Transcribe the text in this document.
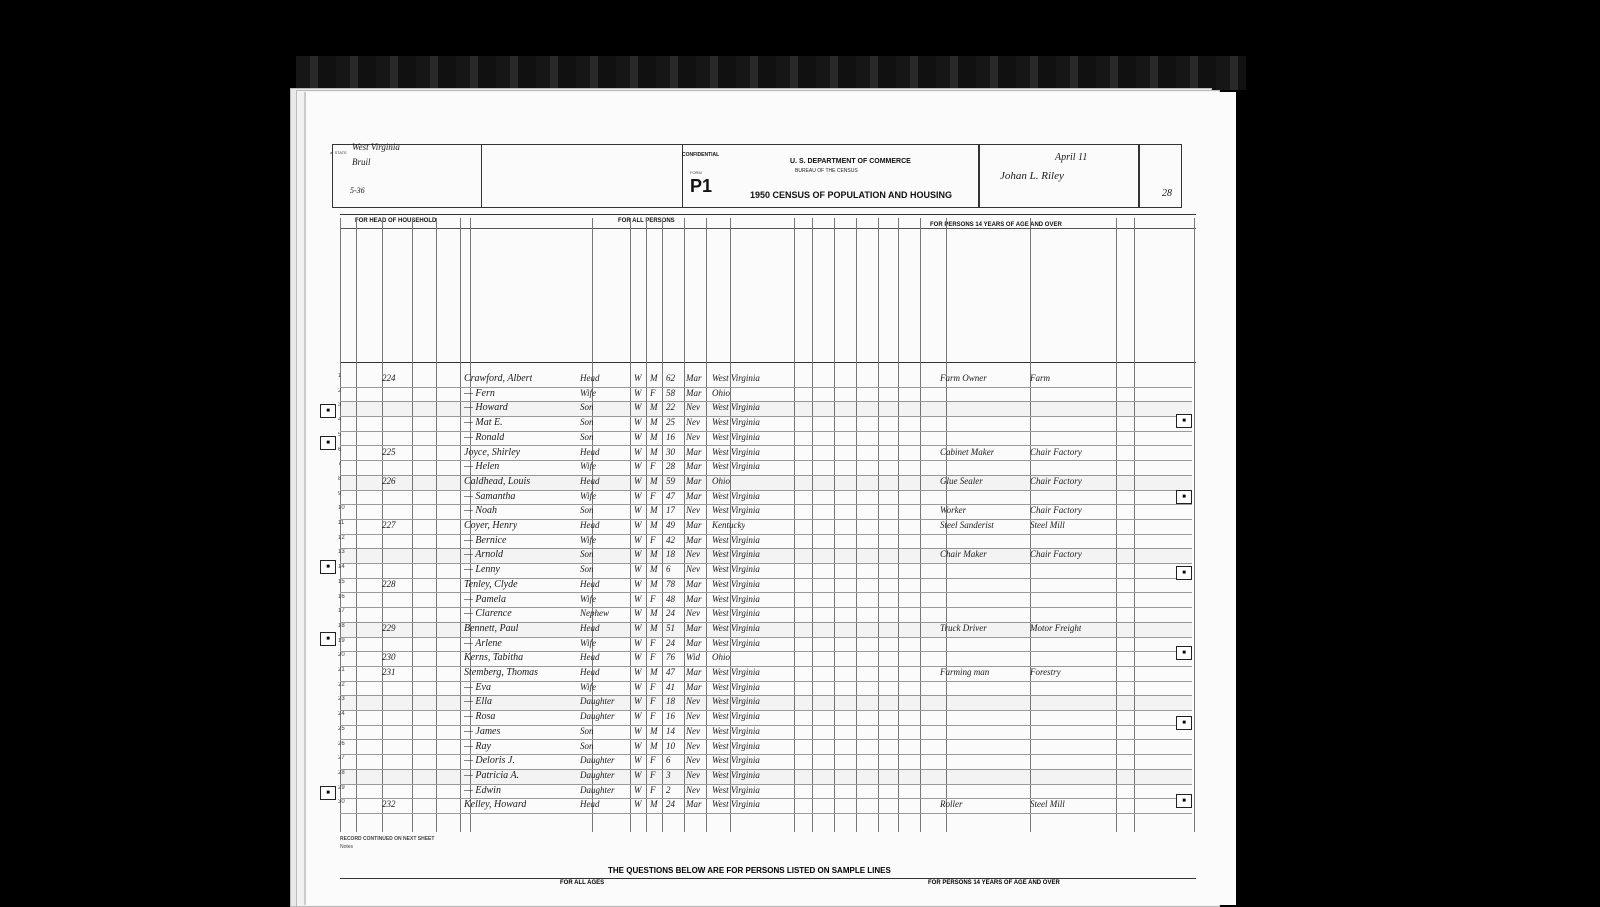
a. STATE
West Virginia
Bruil
5-36
CONFIDENTIAL
FORM
P1
U. S. DEPARTMENT OF COMMERCE
BUREAU OF THE CENSUS
1950 CENSUS OF POPULATION AND HOUSING
April 11
Johan L. Riley
28
FOR HEAD OF HOUSEHOLD	FOR ALL PERSONS
FOR PERSONS 14 YEARS OF AGE AND OVER
1	224	Crawford, Albert	Head	W M 62 Mar West Virginia	Farm Owner	Farm
2	— Fern	Wife	W F 58 Mar Ohio
3	— Howard	Son	W M 22 Nev West Virginia
4	— Mat E.	Son	W M 25 Nev West Virginia
5	— Ronald	Son	W M 16 Nev West Virginia
6	225	Joyce, Shirley	Head	W M 30 Mar West Virginia	Cabinet Maker	Chair Factory
7	— Helen	Wife	W F 28 Mar West Virginia
8	226	Caldhead, Louis	Head	W M 59 Mar Ohio	Glue Sealer	Chair Factory
9	— Samantha	Wife	W F 47 Mar West Virginia
10	— Noah	Son	W M 17 Nev West Virginia	Worker	Chair Factory
11	227	Coyer, Henry	Head	W M 49 Mar Kentucky	Steel Sanderist	Steel Mill
12	— Bernice	Wife	W F 42 Mar West Virginia
13	— Arnold	Son	W M 18 Nev West Virginia	Chair Maker	Chair Factory
14	— Lenny	Son	W M 6 Nev West Virginia
15	228	Tenley, Clyde	Head	W M 78 Mar West Virginia
16	— Pamela	Wife	W F 48 Mar West Virginia
17	— Clarence	Nephew	W M 24 Nev West Virginia
18	229	Bennett, Paul	Head	W M 51 Mar West Virginia	Truck Driver	Motor Freight
19	— Arlene	Wife	W F 24 Mar West Virginia
20	230	Kerns, Tabitha	Head	W F 76 Wid Ohio
21	231	Stemberg, Thomas	Head	W M 47 Mar West Virginia	Farming man	Forestry
22	— Eva	Wife	W F 41 Mar West Virginia
23	— Ella	Daughter W F 18 Nev West Virginia
24	— Rosa	Daughter W F 16 Nev West Virginia
25	— James	Son	W M 14 Nev West Virginia
26	— Ray	Son	W M 10 Nev West Virginia
27	— Deloris J.	Daughter W F 6 Nev West Virginia
28	— Patricia A.	Daughter W F 3 Nev West Virginia
29	— Edwin	Daughter W F 2 Nev West Virginia
30	232	Kelley, Howard	Head	W M 24 Mar West Virginia	Roller	Steel Mill
■
■
■
■
■
■
■
■
■
■
■
RECORD CONTINUED ON NEXT SHEET
Notes
THE QUESTIONS BELOW ARE FOR PERSONS LISTED ON SAMPLE LINES
FOR ALL AGES	FOR PERSONS 14 YEARS OF AGE AND OVER
